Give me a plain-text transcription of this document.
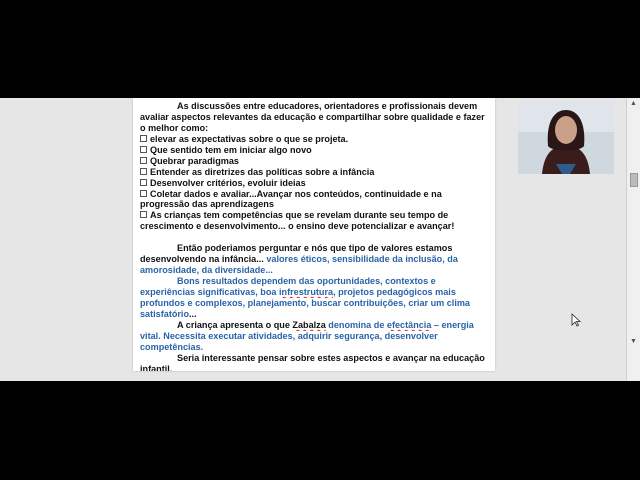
As discussões entre educadores, orientadores e profissionais devem
avaliar aspectos relevantes da educação e compartilhar sobre qualidade e fazer
o melhor como:
elevar as expectativas sobre o que se projeta.
Que sentido tem em iniciar algo novo
Quebrar paradigmas
Entender as diretrizes das políticas sobre a infância
Desenvolver critérios, evoluir ideias
Coletar dados e avaliar...Avançar nos conteúdos, continuidade e na
progressão das aprendizagens
As crianças tem competências que se revelam durante seu tempo de
crescimento e desenvolvimento... o ensino deve potencializar e avançar!
Então poderiamos perguntar e nós que tipo de valores estamos
desenvolvendo na infância... valores éticos, sensibilidade da inclusão, da
amorosidade, da diversidade...
Bons resultados dependem das oportunidades, contextos e
experiências significativas, boa infrestrutura, projetos pedagógicos mais
profundos e complexos, planejamento, buscar contribuições, criar um clima
satisfatório...
A criança apresenta o que Zabalza denomina de efectância – energia
vital. Necessita executar atividades, adquirir segurança, desenvolver
competências.
Seria interessante pensar sobre estes aspectos e avançar na educação
infantil.
▲
▼
